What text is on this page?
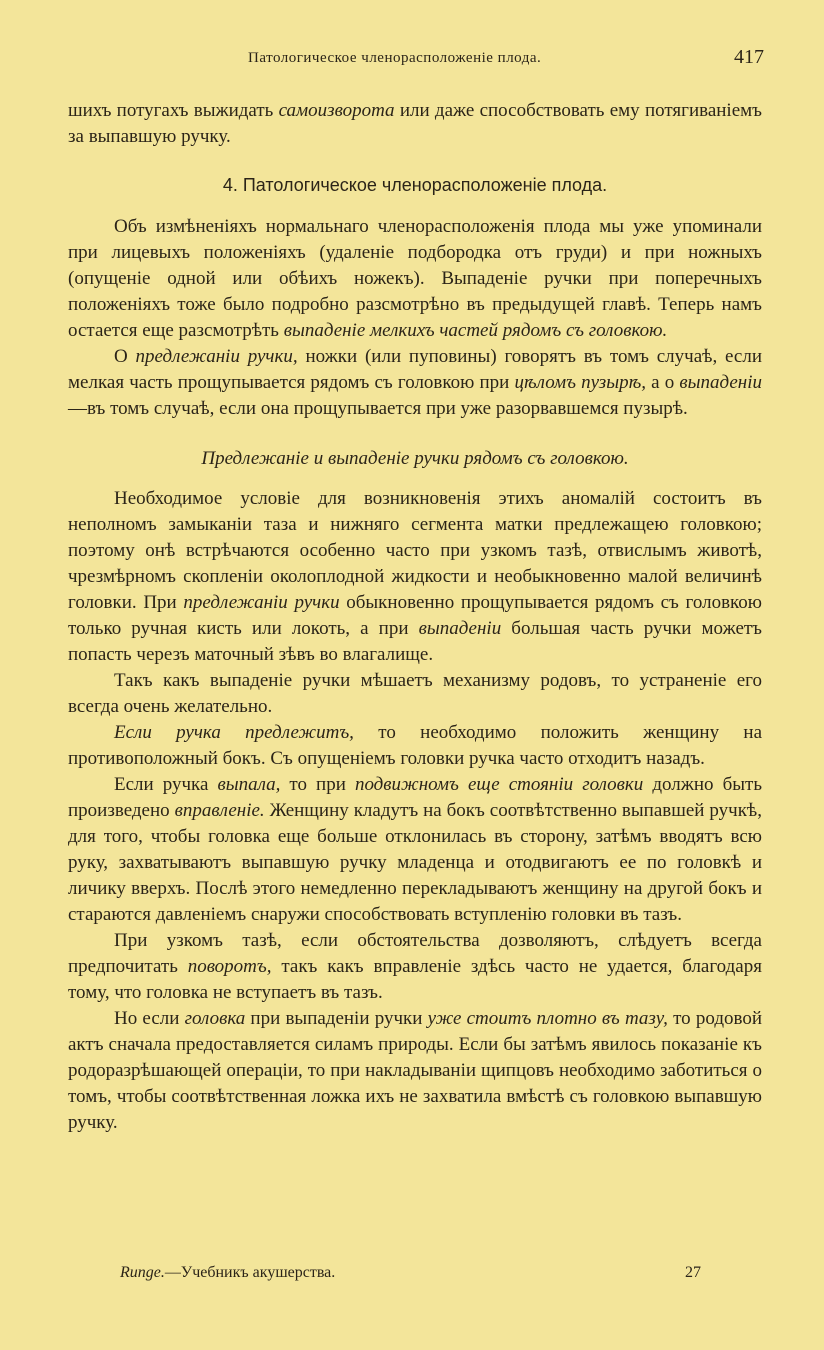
Патологическое членорасположеніе плода.	417

шихъ потугахъ выжидать самоизворота или даже способствовать ему потягиваніемъ за выпавшую ручку.

4. Патологическое членорасположеніе плода.

Объ измѣненіяхъ нормальнаго членорасположенія плода мы уже упоминали при лицевыхъ положеніяхъ (удаленіе подбородка отъ груди) и при ножныхъ (опущеніе одной или обѣихъ ножекъ). Выпаденіе ручки при поперечныхъ положеніяхъ тоже было подробно разсмотрѣно въ предыдущей главѣ. Теперь намъ остается еще разсмотрѣть выпаденіе мелкихъ частей рядомъ съ головкою.

О предлежаніи ручки, ножки (или пуповины) говорятъ въ томъ случаѣ, если мелкая часть прощупывается рядомъ съ головкою при цѣломъ пузырѣ, а о выпаденіи—въ томъ случаѣ, если она прощупывается при уже разорвавшемся пузырѣ.

Предлежаніе и выпаденіе ручки рядомъ съ головкою.

Необходимое условіе для возникновенія этихъ аномалій состоитъ въ неполномъ замыканіи таза и нижняго сегмента матки предлежащею головкою; поэтому онѣ встрѣчаются особенно часто при узкомъ тазѣ, отвислымъ животѣ, чрезмѣрномъ скопленіи околоплодной жидкости и необыкновенно малой величинѣ головки. При предлежаніи ручки обыкновенно прощупывается рядомъ съ головкою только ручная кисть или локоть, а при выпаденіи большая часть ручки можетъ попасть черезъ маточный зѣвъ во влагалище.

Такъ какъ выпаденіе ручки мѣшаетъ механизму родовъ, то устраненіе его всегда очень желательно.

Если ручка предлежитъ, то необходимо положить женщину на противоположный бокъ. Съ опущеніемъ головки ручка часто отходитъ назадъ.

Если ручка выпала, то при подвижномъ еще стояніи головки должно быть произведено вправленіе. Женщину кладутъ на бокъ соотвѣтственно выпавшей ручкѣ, для того, чтобы головка еще больше отклонилась въ сторону, затѣмъ вводятъ всю руку, захватываютъ выпавшую ручку младенца и отодвигаютъ ее по головкѣ и личику вверхъ. Послѣ этого немедленно перекладываютъ женщину на другой бокъ и стараются давленіемъ снаружи способствовать вступленію головки въ тазъ.

При узкомъ тазѣ, если обстоятельства дозволяютъ, слѣдуетъ всегда предпочитать поворотъ, такъ какъ вправленіе здѣсь часто не удается, благодаря тому, что головка не вступаетъ въ тазъ.

Но если головка при выпаденіи ручки уже стоитъ плотно въ тазу, то родовой актъ сначала предоставляется силамъ природы. Если бы затѣмъ явилось показаніе къ родоразрѣшающей операціи, то при накладываніи щипцовъ необходимо заботиться о томъ, чтобы соотвѣтственная ложка ихъ не захватила вмѣстѣ съ головкою выпавшую ручку.

Runge.—Учебникъ акушерства.	27
